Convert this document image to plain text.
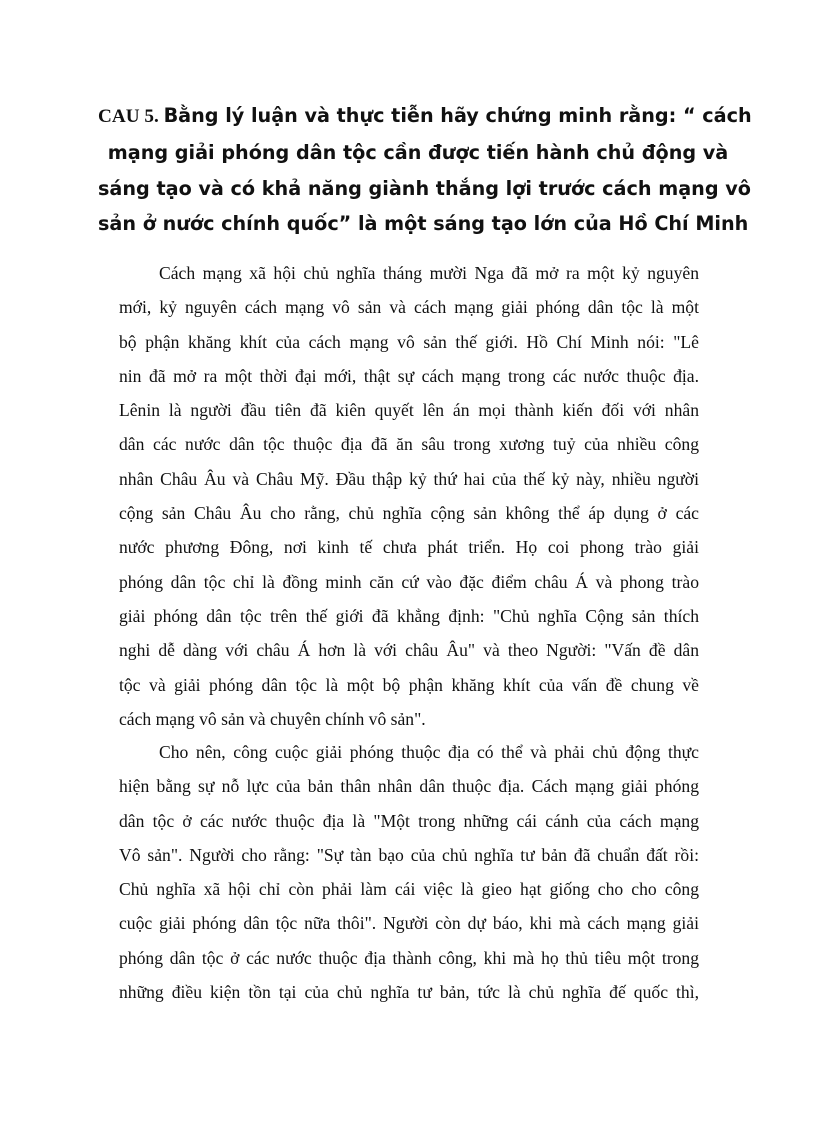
CAU 5. Bằng lý luận và thực tiễn hãy chứng minh rằng: “ cách
mạng giải phóng dân tộc cần được tiến hành chủ động và
sáng tạo và có khả năng giành thắng lợi trước cách mạng vô
sản ở nước chính quốc” là một sáng tạo lớn của Hồ Chí Minh

Cách mạng xã hội chủ nghĩa tháng mười Nga đã mở ra một kỷ nguyên
mới, kỷ nguyên cách mạng vô sản và cách mạng giải phóng dân tộc là một
bộ phận khăng khít của cách mạng vô sản thế giới. Hồ Chí Minh nói: "Lê
nin đã mở ra một thời đại mới, thật sự cách mạng trong các nước thuộc địa.
Lênin là người đầu tiên đã kiên quyết lên án mọi thành kiến đối với nhân
dân các nước dân tộc thuộc địa đã ăn sâu trong xương tuỷ của nhiều công
nhân Châu Âu và Châu Mỹ. Đầu thập kỷ thứ hai của thế kỷ này, nhiều người
cộng sản Châu Âu cho rằng, chủ nghĩa cộng sản không thể áp dụng ở các
nước phương Đông, nơi kinh tế chưa phát triển. Họ coi phong trào giải
phóng dân tộc chỉ là đồng minh căn cứ vào đặc điểm châu Á và phong trào
giải phóng dân tộc trên thế giới đã khẳng định: "Chủ nghĩa Cộng sản thích
nghi dễ dàng với châu Á hơn là với châu Âu" và theo Người: "Vấn đề dân
tộc và giải phóng dân tộc là một bộ phận khăng khít của vấn đề chung về
cách mạng vô sản và chuyên chính vô sản".

Cho nên, công cuộc giải phóng thuộc địa có thể và phải chủ động thực
hiện bằng sự nỗ lực của bản thân nhân dân thuộc địa. Cách mạng giải phóng
dân tộc ở các nước thuộc địa là "Một trong những cái cánh của cách mạng
Vô sản". Người cho rằng: "Sự tàn bạo của chủ nghĩa tư bản đã chuẩn đất rồi:
Chủ nghĩa xã hội chỉ còn phải làm cái việc là gieo hạt giống cho cho công
cuộc giải phóng dân tộc nữa thôi". Người còn dự báo, khi mà cách mạng giải
phóng dân tộc ở các nước thuộc địa thành công, khi mà họ thủ tiêu một trong
những điều kiện tồn tại của chủ nghĩa tư bản, tức là chủ nghĩa đế quốc thì,
